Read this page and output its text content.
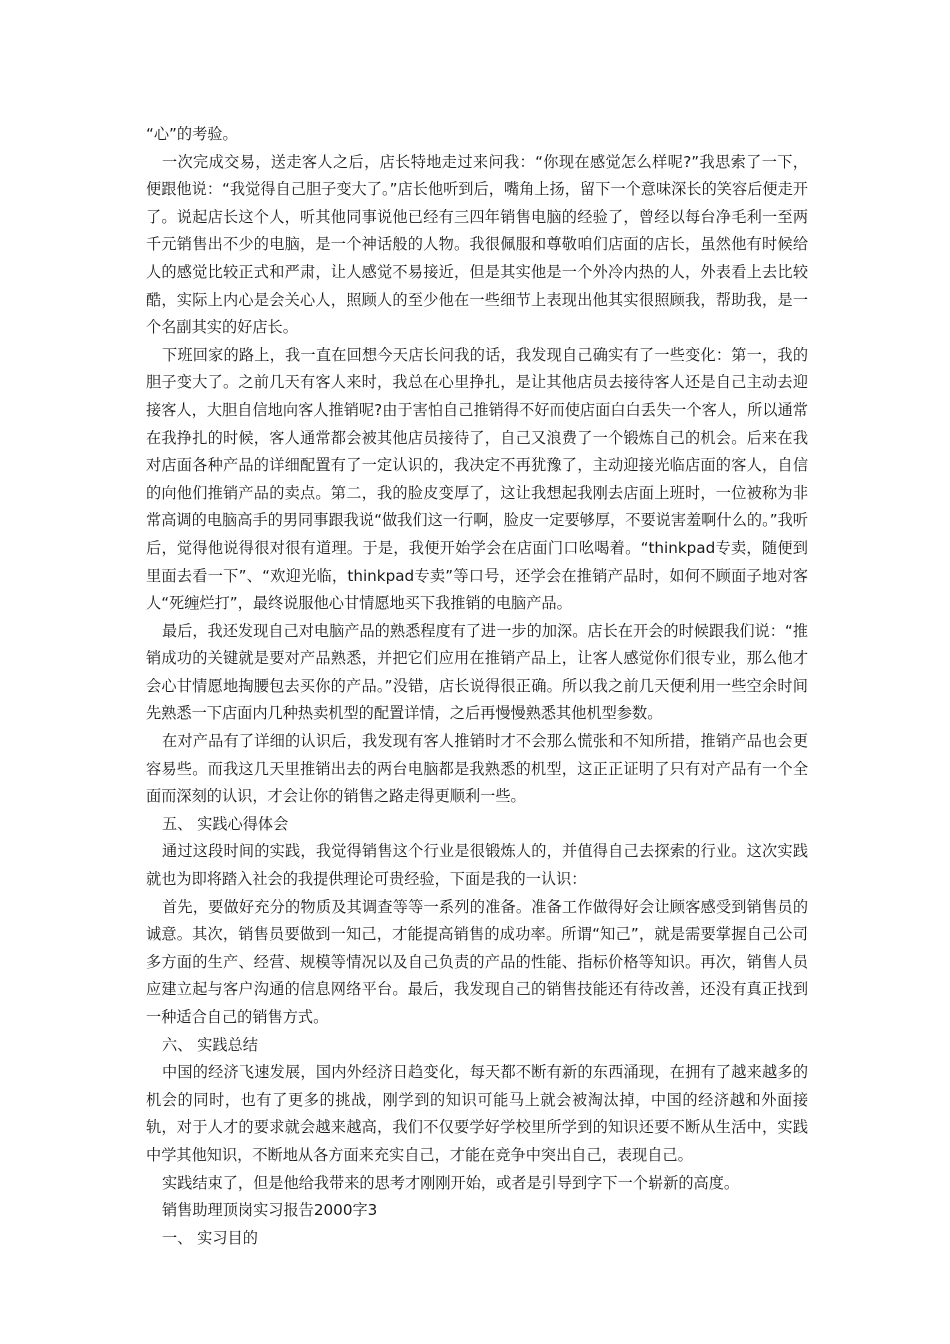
“心”的考验。

一次完成交易，送走客人之后，店长特地走过来问我：“你现在感觉怎么样呢?”我思索了一下，便跟他说：“我觉得自己胆子变大了。”店长他听到后，嘴角上扬，留下一个意味深长的笑容后便走开了。说起店长这个人，听其他同事说他已经有三四年销售电脑的经验了，曾经以每台净毛利一至两千元销售出不少的电脑，是一个神话般的人物。我很佩服和尊敬咱们店面的店长，虽然他有时候给人的感觉比较正式和严肃，让人感觉不易接近，但是其实他是一个外冷内热的人，外表看上去比较酷，实际上内心是会关心人，照顾人的至少他在一些细节上表现出他其实很照顾我，帮助我，是一个名副其实的好店长。

下班回家的路上，我一直在回想今天店长问我的话，我发现自己确实有了一些变化：第一，我的胆子变大了。之前几天有客人来时，我总在心里挣扎，是让其他店员去接待客人还是自己主动去迎接客人，大胆自信地向客人推销呢?由于害怕自己推销得不好而使店面白白丢失一个客人，所以通常在我挣扎的时候，客人通常都会被其他店员接待了，自己又浪费了一个锻炼自己的机会。后来在我对店面各种产品的详细配置有了一定认识的，我决定不再犹豫了，主动迎接光临店面的客人，自信的向他们推销产品的卖点。第二，我的脸皮变厚了，这让我想起我刚去店面上班时，一位被称为非常高调的电脑高手的男同事跟我说“做我们这一行啊，脸皮一定要够厚，不要说害羞啊什么的。”我听后，觉得他说得很对很有道理。于是，我便开始学会在店面门口吆喝着。“thinkpad专卖，随便到里面去看一下”、“欢迎光临，thinkpad专卖”等口号，还学会在推销产品时，如何不顾面子地对客人“死缠烂打”，最终说服他心甘情愿地买下我推销的电脑产品。

最后，我还发现自己对电脑产品的熟悉程度有了进一步的加深。店长在开会的时候跟我们说：“推销成功的关键就是要对产品熟悉，并把它们应用在推销产品上，让客人感觉你们很专业，那么他才会心甘情愿地掏腰包去买你的产品。”没错，店长说得很正确。所以我之前几天便利用一些空余时间先熟悉一下店面内几种热卖机型的配置详情，之后再慢慢熟悉其他机型参数。

在对产品有了详细的认识后，我发现有客人推销时才不会那么慌张和不知所措，推销产品也会更容易些。而我这几天里推销出去的两台电脑都是我熟悉的机型，这正正证明了只有对产品有一个全面而深刻的认识，才会让你的销售之路走得更顺利一些。

五、 实践心得体会

通过这段时间的实践，我觉得销售这个行业是很锻炼人的，并值得自己去探索的行业。这次实践就也为即将踏入社会的我提供理论可贵经验，下面是我的一认识：

首先，要做好充分的物质及其调查等等一系列的准备。准备工作做得好会让顾客感受到销售员的诚意。其次，销售员要做到一知己，才能提高销售的成功率。所谓“知己”，就是需要掌握自己公司多方面的生产、经营、规模等情况以及自己负责的产品的性能、指标价格等知识。再次，销售人员应建立起与客户沟通的信息网络平台。最后，我发现自己的销售技能还有待改善，还没有真正找到一种适合自己的销售方式。

六、 实践总结

中国的经济飞速发展，国内外经济日趋变化，每天都不断有新的东西涌现，在拥有了越来越多的机会的同时，也有了更多的挑战，刚学到的知识可能马上就会被淘汰掉，中国的经济越和外面接轨，对于人才的要求就会越来越高，我们不仅要学好学校里所学到的知识还要不断从生活中，实践中学其他知识，不断地从各方面来充实自己，才能在竞争中突出自己，表现自己。

实践结束了，但是他给我带来的思考才刚刚开始，或者是引导到字下一个崭新的高度。

销售助理顶岗实习报告2000字3

一、 实习目的
